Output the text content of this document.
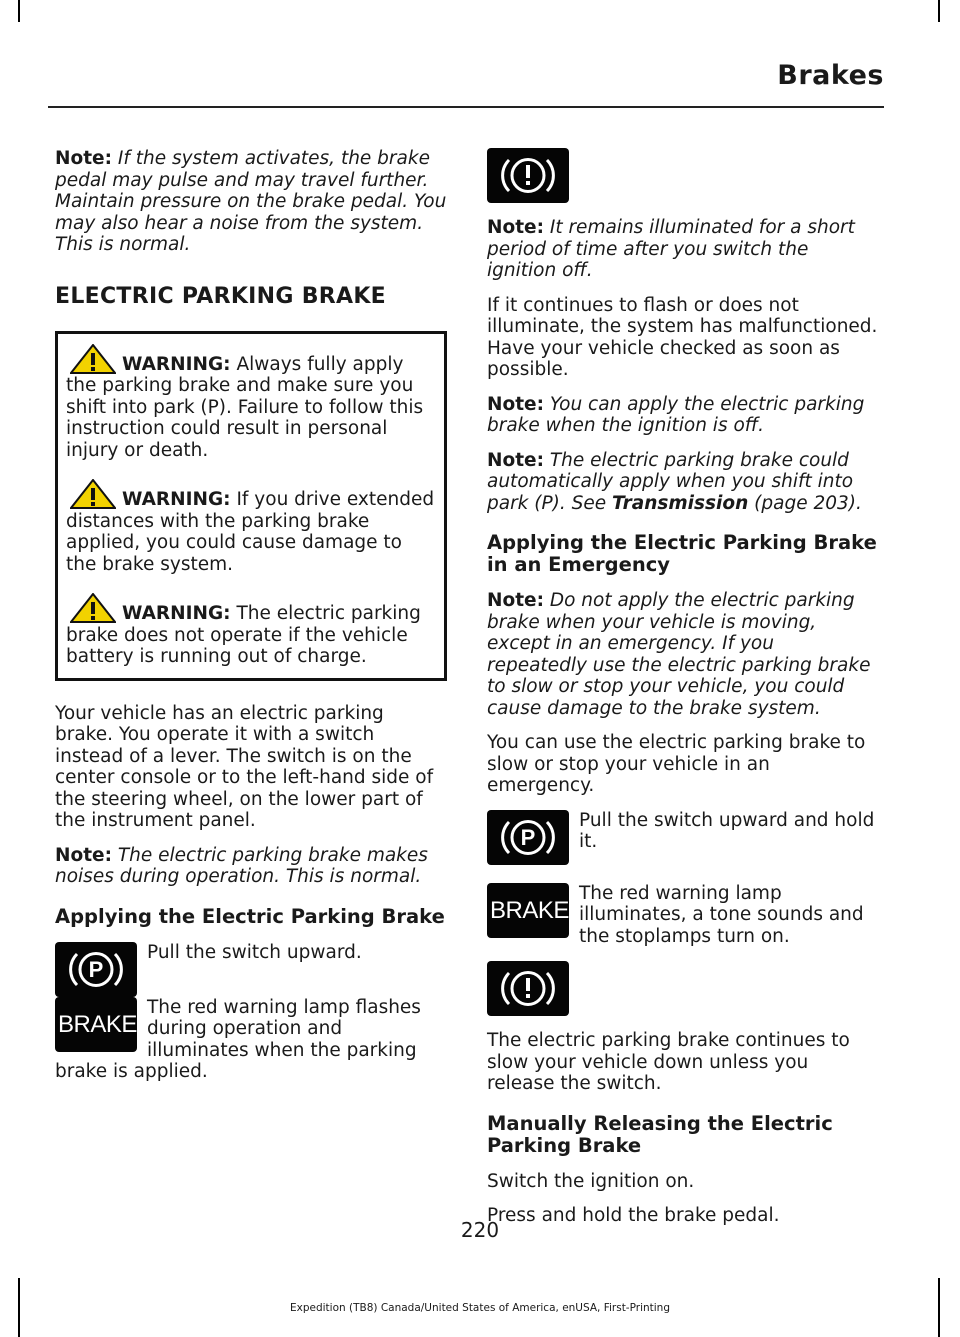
Brakes

Note: If the system activates, the brake pedal may pulse and may travel further. Maintain pressure on the brake pedal. You may also hear a noise from the system. This is normal.

ELECTRIC PARKING BRAKE

WARNING: Always fully apply the parking brake and make sure you shift into park (P). Failure to follow this instruction could result in personal injury or death.

WARNING: If you drive extended distances with the parking brake applied, you could cause damage to the brake system.

WARNING: The electric parking brake does not operate if the vehicle battery is running out of charge.

Your vehicle has an electric parking brake. You operate it with a switch instead of a lever. The switch is on the center console or to the left-hand side of the steering wheel, on the lower part of the instrument panel.

Note: The electric parking brake makes noises during operation. This is normal.

Applying the Electric Parking Brake
P

Pull the switch upward.

BRAKE

The red warning lamp flashes during operation and illuminates when the parking brake is applied.

Note: It remains illuminated for a short period of time after you switch the ignition off.

If it continues to flash or does not illuminate, the system has malfunctioned. Have your vehicle checked as soon as possible.

Note: You can apply the electric parking brake when the ignition is off.

Note: The electric parking brake could automatically apply when you shift into park (P). See Transmission (page 203).

Applying the Electric Parking Brake in an Emergency

Note: Do not apply the electric parking brake when your vehicle is moving, except in an emergency. If you repeatedly use the electric parking brake to slow or stop your vehicle, you could cause damage to the brake system.

You can use the electric parking brake to slow or stop your vehicle in an emergency.

P

Pull the switch upward and hold it.

BRAKE

The red warning lamp illuminates, a tone sounds and the stoplamps turn on.

The electric parking brake continues to slow your vehicle down unless you release the switch.

Manually Releasing the Electric Parking Brake

Switch the ignition on.

Press and hold the brake pedal.

220
Expedition (TB8) Canada/United States of America, enUSA, First-Printing
